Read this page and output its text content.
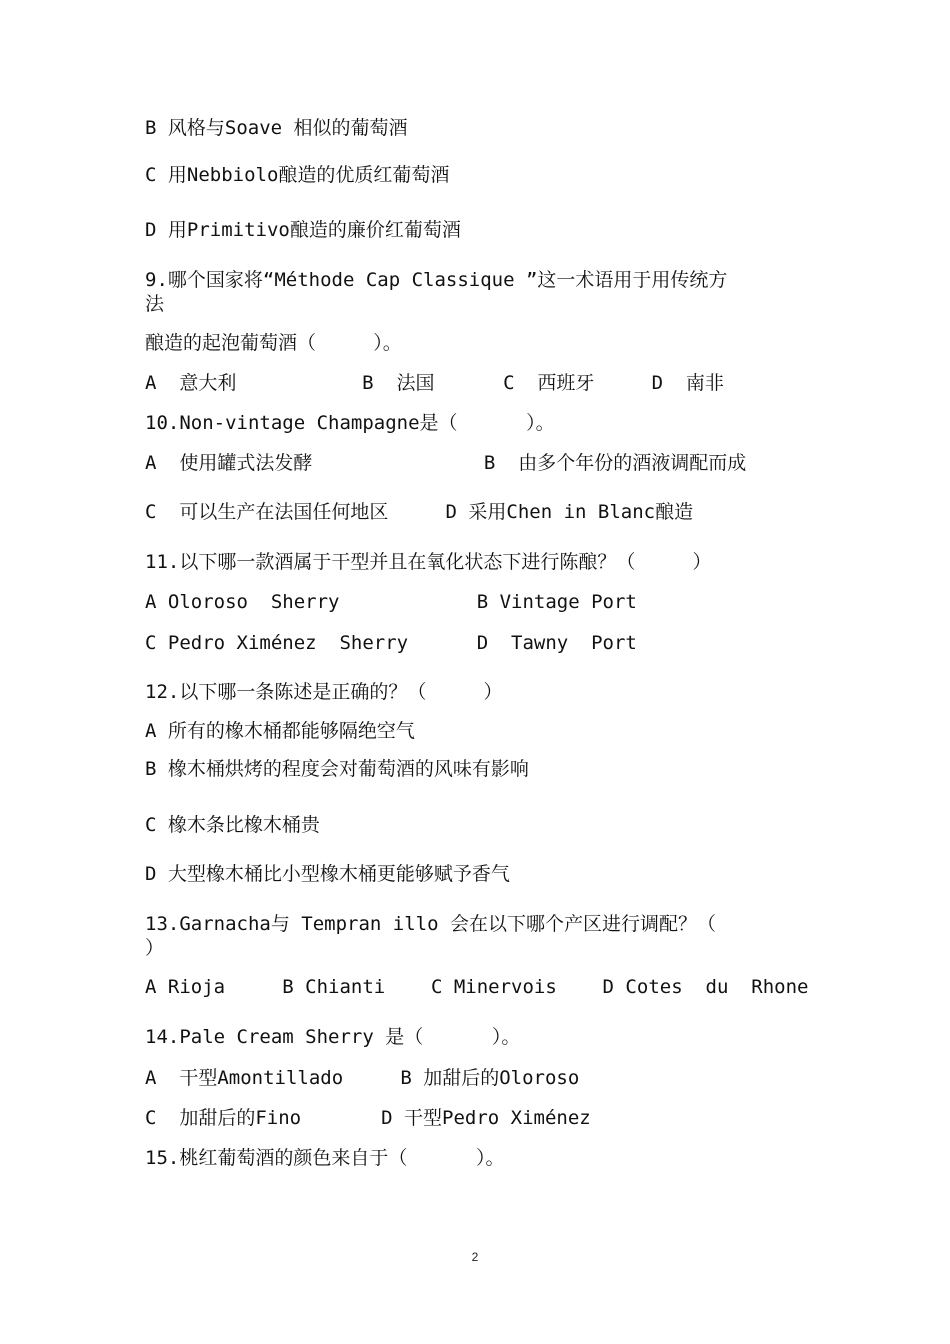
B 风格与Soave 相似的葡萄酒
C 用Nebbiolo酿造的优质红葡萄酒
D 用Primitivo酿造的廉价红葡萄酒
9.哪个国家将“Méthode Cap Classique ”这一术语用于用传统方
法
酿造的起泡葡萄酒（     ）。
A  意大利           B  法国      C  西班牙     D  南非
10.Non-vintage Champagne是（      ）。
A  使用罐式法发酵               B  由多个年份的酒液调配而成
C  可以生产在法国任何地区     D 采用Chen in Blanc酿造
11.以下哪一款酒属于干型并且在氧化状态下进行陈酿？（     ）
A Oloroso  Sherry            B Vintage Port
C Pedro Ximénez  Sherry      D  Tawny  Port
12.以下哪一条陈述是正确的？（     ）
A 所有的橡木桶都能够隔绝空气
B 橡木桶烘烤的程度会对葡萄酒的风味有影响
C 橡木条比橡木桶贵
D 大型橡木桶比小型橡木桶更能够赋予香气
13.Garnacha与 Tempran illo 会在以下哪个产区进行调配？（
）
A Rioja     B Chianti    C Minervois    D Cotes  du  Rhone
14.Pale Cream Sherry 是（      ）。
A  干型Amontillado     B 加甜后的Oloroso
C  加甜后的Fino       D 干型Pedro Ximénez
15.桃红葡萄酒的颜色来自于（      ）。
2
